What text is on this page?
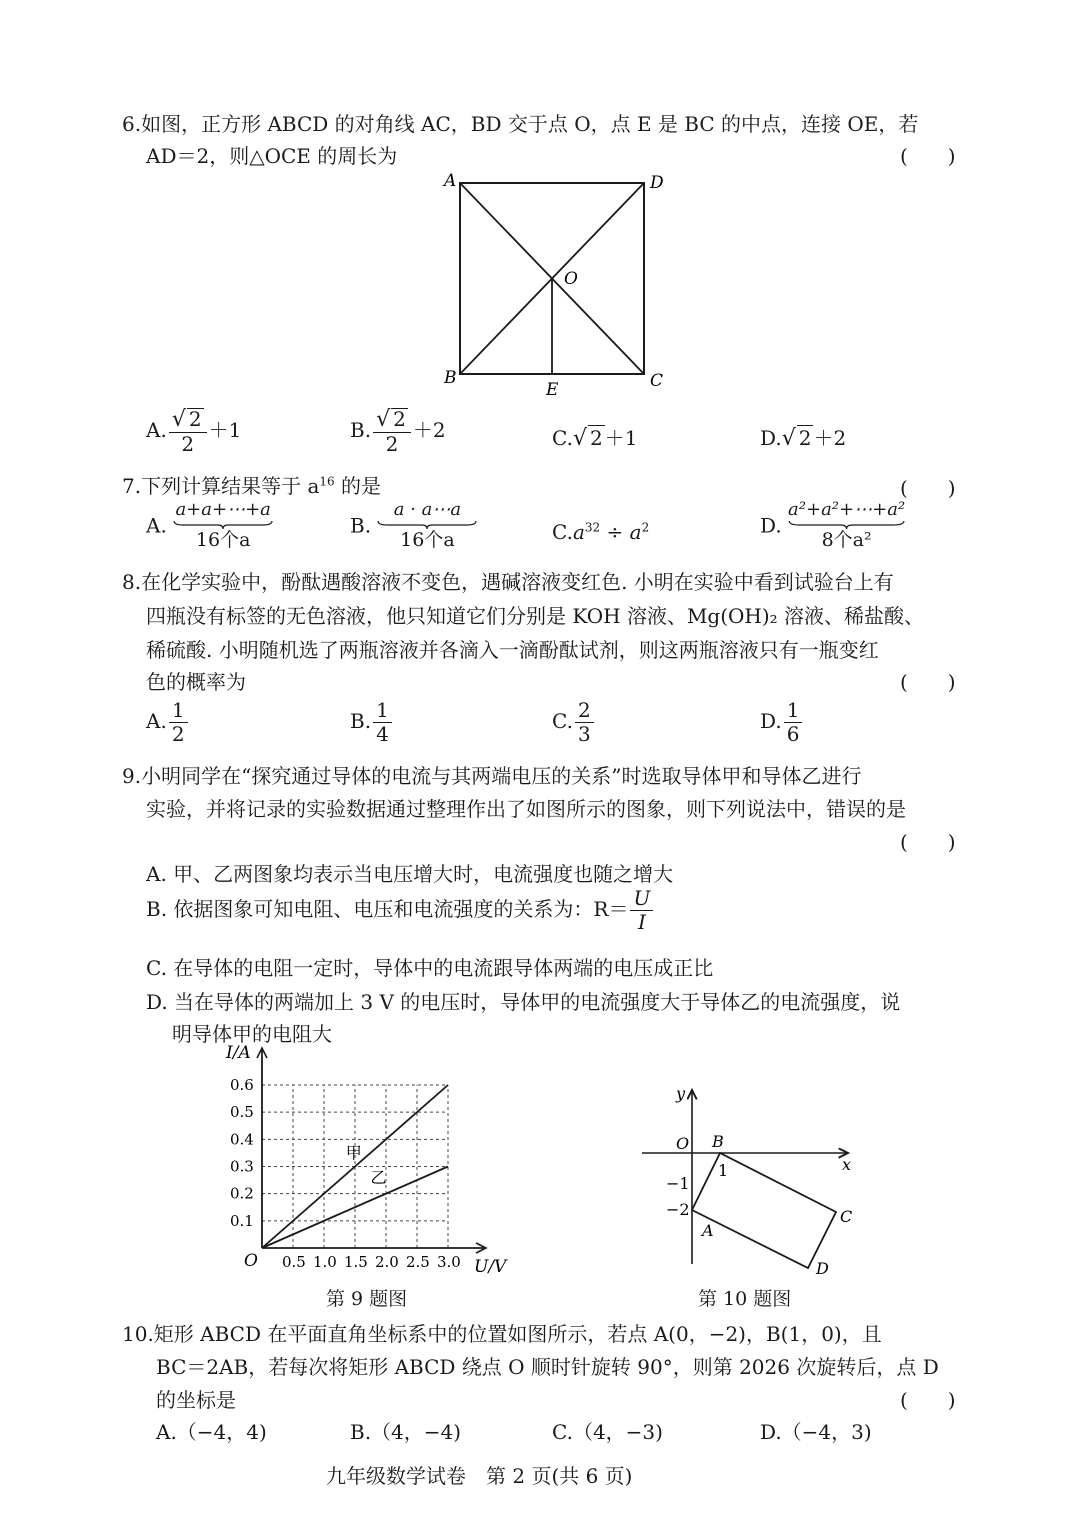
6.如图，正方形 ABCD 的对角线 AC，BD 交于点 O，点 E 是 BC 的中点，连接 OE，若
AD＝2，则△OCE 的周长为	(　　)
A	D
B	C
O
E
A. $\frac{√ 2}{2} +1$	B. $\frac{√ 2}{2} +2$	C.√ 2 ＋1	D.√ 2 ＋2
7.下列计算结果等于 $a^{16}$ 的是	(　　)
A.
a+a+⋯+a
16个a
B.
a · a⋯a
16个a	$C.a^{32} \div a^2$	D.
a²+a²+⋯+a²
8个a²
8.在化学实验中，酚酞遇酸溶液不变色，遇碱溶液变红色. 小明在实验中看到试验台上有
四瓶没有标签的无色溶液，他只知道它们分别是 KOH 溶液、Mg(OH)₂ 溶液、稀盐酸、
稀硫酸. 小明随机选了两瓶溶液并各滴入一滴酚酞试剂，则这两瓶溶液只有一瓶变红
色的概率为	(　　)
A. $\frac{1}{2}$	B. $\frac{1}{4}$	C. $\frac{2}{3}$	D. $\frac{1}{6}$
9.小明同学在“探究通过导体的电流与其两端电压的关系”时选取导体甲和导体乙进行
实验，并将记录的实验数据通过整理作出了如图所示的图象，则下列说法中，错误的是
(　　)
A. 甲、乙两图象均表示当电压增大时，电流强度也随之增大
B. 依据图象可知电阻、电压和电流强度的关系为：$R= \frac{U}{I}$
C. 在导体的电阻一定时，导体中的电流跟导体两端的电压成正比
D. 当在导体的两端加上 3 V 的电压时，导体甲的电流强度大于导体乙的电流强度，说
明导体甲的电阻大
甲
乙
0.5 1.0 1.5 2.0 2.5 3.0
0.1
0.2
0.3
0.4
0.5
0.6
I/A
U/V
O
第 9 题图
y
x
O B
1
−1
−2
A
C
D
第 10 题图
10.矩形 ABCD 在平面直角坐标系中的位置如图所示，若点 A(0，−2)，B(1，0)，且
BC＝2AB，若每次将矩形 ABCD 绕点 O 顺时针旋转 90°，则第 2026 次旋转后，点 D
的坐标是	(　　)
A.（−4，4)	B.（4，−4)	C.（4，−3)	D.（−4，3)
九年级数学试卷　第 2 页(共 6 页)
